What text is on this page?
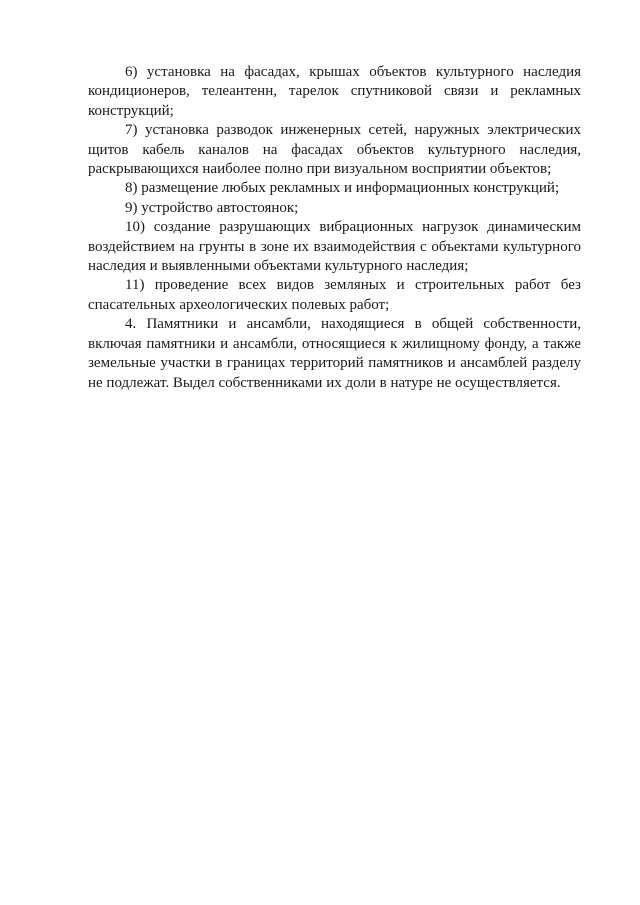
6) установка на фасадах, крышах объектов культурного наследия кондиционеров, телеантенн, тарелок спутниковой связи и рекламных конструкций;

7) установка разводок инженерных сетей, наружных электрических щитов кабель каналов на фасадах объектов культурного наследия, раскрывающихся наиболее полно при визуальном восприятии объектов;

8) размещение любых рекламных и информационных конструкций;

9) устройство автостоянок;

10) создание разрушающих вибрационных нагрузок динамическим воздействием на грунты в зоне их взаимодействия с объектами культурного наследия и выявленными объектами культурного наследия;

11) проведение всех видов земляных и строительных работ без спасательных археологических полевых работ;

4. Памятники и ансамбли, находящиеся в общей собственности, включая памятники и ансамбли, относящиеся к жилищному фонду, а также земельные участки в границах территорий памятников и ансамблей разделу не подлежат. Выдел собственниками их доли в натуре не осуществляется.
